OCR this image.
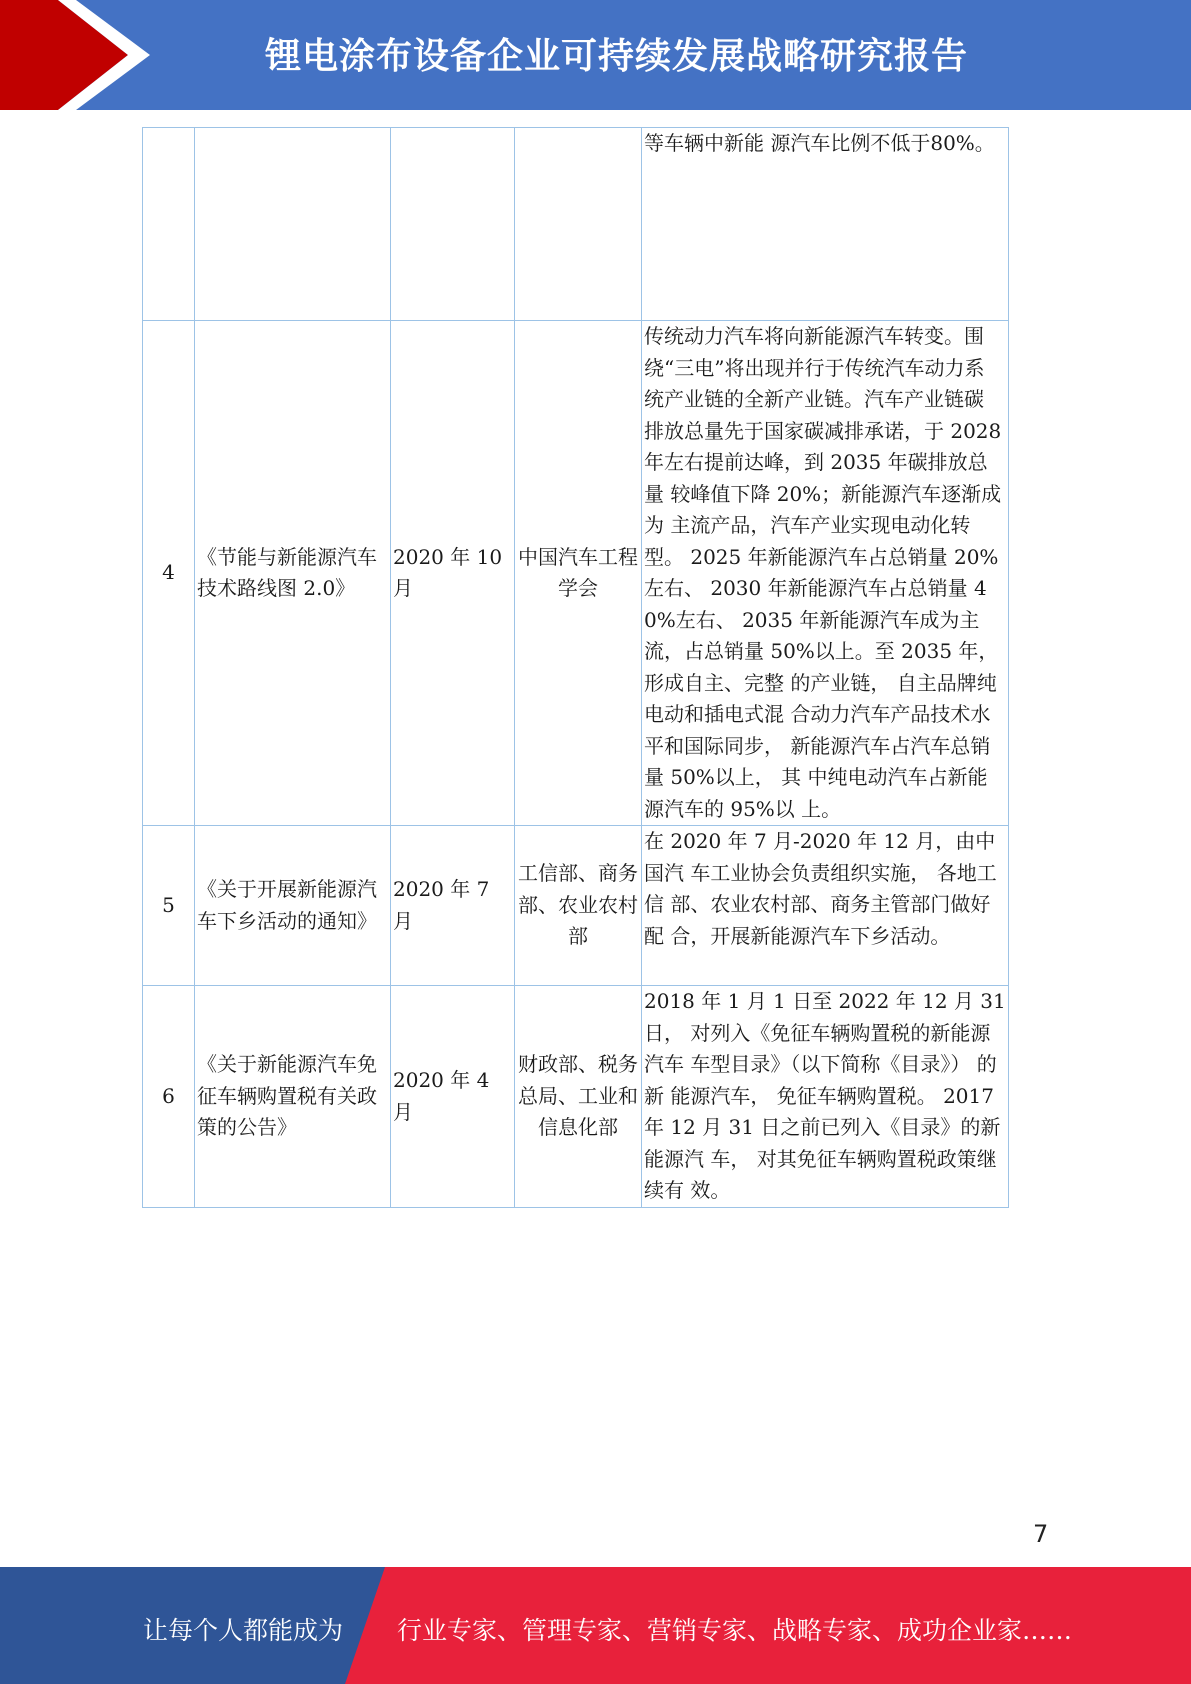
锂电涂布设备企业可持续发展战略研究报告
				等车辆中新能 源汽车比例不低于80%。
4	《节能与新能源汽车 技术路线图 2.0》	2020 年 10 月	中国汽车工程学会	传统动力汽车将向新能源汽车转变。围 绕“三电”将出现并行于传统汽车动力系 统产业链的全新产业链。汽车产业链碳 排放总量先于国家碳减排承诺，于 2028 年左右提前达峰，到 2035 年碳排放总量 较峰值下降 20%；新能源汽车逐渐成为 主流产品，汽车产业实现电动化转型。 2025 年新能源汽车占总销量 20%左右、 2030 年新能源汽车占总销量 40%左右、 2035 年新能源汽车成为主流，占总销量 50%以上。至 2035 年， 形成自主、完整 的产业链， 自主品牌纯电动和插电式混 合动力汽车产品技术水平和国际同步， 新能源汽车占汽车总销量 50%以上， 其 中纯电动汽车占新能源汽车的 95%以 上。
5	《关于开展新能源汽 车下乡活动的通知》	2020 年 7 月	工信部、商务部、农业农村部	在 2020 年 7 月-2020 年 12 月，由中国汽 车工业协会负责组织实施， 各地工信 部、农业农村部、商务主管部门做好配 合，开展新能源汽车下乡活动。
6	《关于新能源汽车免 征车辆购置税有关政 策的公告》	2020 年 4 月	财政部、税务总局、工业和信息化部	2018 年 1 月 1 日至 2022 年 12 月 31 日， 对列入《免征车辆购置税的新能源汽车 车型目录》（以下简称《目录》） 的新 能源汽车， 免征车辆购置税。 2017 年 12 月 31 日之前已列入《目录》的新能源汽 车， 对其免征车辆购置税政策继续有 效。
7
让每个人都能成为 行业专家、管理专家、营销专家、战略专家、成功企业家……
